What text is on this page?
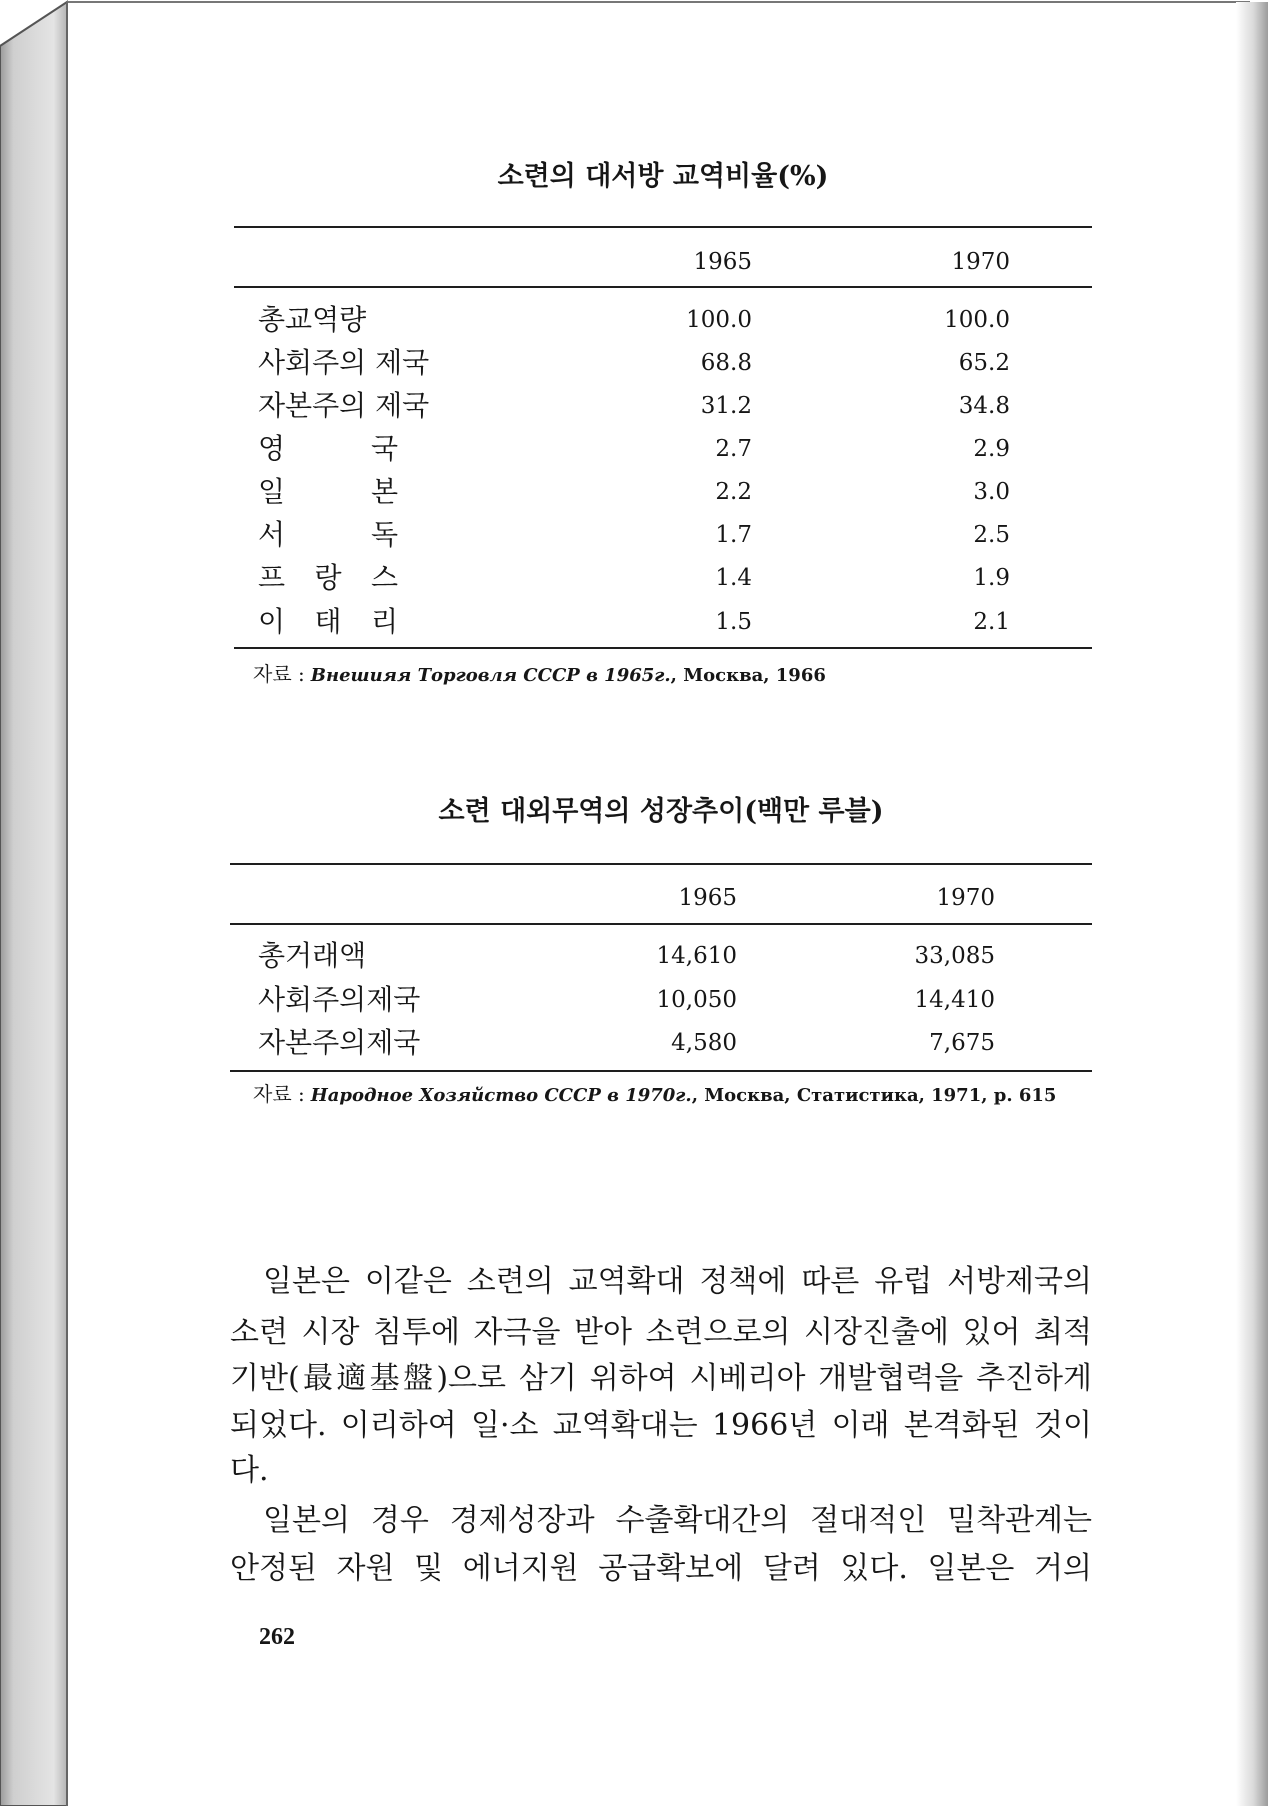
소련의 대서방 교역비율(%)
1965	1970
총교역량	100.0	100.0
사회주의 제국	68.8	65.2
자본주의 제국	31.2	34.8
영 국	2.7	2.9
일 본	2.2	3.0
서 독	1.7	2.5
프 랑 스	1.4	1.9
이 태 리	1.5	2.1
자료 : Внешияя Торговля СССР в 1965г., Москва, 1966
소련 대외무역의 성장추이(백만 루블)
1965	1970
총거래액	14,610	33,085
사회주의제국	10,050	14,410
자본주의제국	4,580	7,675
자료 : Народное Хозяйство СССР в 1970г., Москва, Статистика, 1971, p. 615
일본은 이같은 소련의 교역확대 정책에 따른 유럽 서방제국의
소련 시장 침투에 자극을 받아 소련으로의 시장진출에 있어 최적
기반(最適基盤)으로 삼기 위하여 시베리아 개발협력을 추진하게
되었다. 이리하여 일·소 교역확대는 1966년 이래 본격화된 것이
다.
일본의 경우 경제성장과 수출확대간의 절대적인 밀착관계는
안정된 자원 및 에너지원 공급확보에 달려 있다. 일본은 거의
262
